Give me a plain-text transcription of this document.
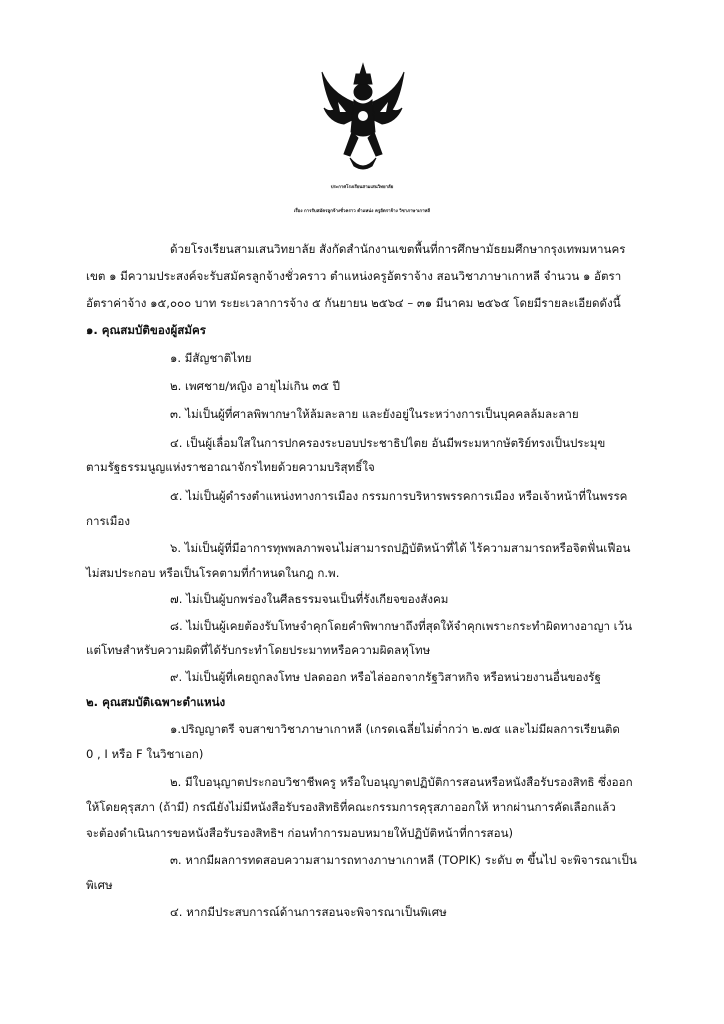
ประกาศโรงเรียนสามเสนวิทยาลัย
เรื่อง การรับสมัครลูกจ้างชั่วคราว ตำแหน่ง ครูอัตราจ้าง วิชาภาษาเกาหลี
ด้วยโรงเรียนสามเสนวิทยาลัย สังกัดสำนักงานเขตพื้นที่การศึกษามัธยมศึกษากรุงเทพมหานคร
เขต ๑ มีความประสงค์จะรับสมัครลูกจ้างชั่วคราว ตำแหน่งครูอัตราจ้าง สอนวิชาภาษาเกาหลี จำนวน ๑ อัตรา
อัตราค่าจ้าง ๑๕,๐๐๐ บาท ระยะเวลาการจ้าง ๕ กันยายน ๒๕๖๔ – ๓๑ มีนาคม ๒๕๖๕ โดยมีรายละเอียดดังนี้
๑. คุณสมบัติของผู้สมัคร
๑. มีสัญชาติไทย
๒. เพศชาย/หญิง อายุไม่เกิน ๓๕ ปี
๓. ไม่เป็นผู้ที่ศาลพิพากษาให้ล้มละลาย และยังอยู่ในระหว่างการเป็นบุคคลล้มละลาย
๔. เป็นผู้เลื่อมใสในการปกครองระบอบประชาธิปไตย อันมีพระมหากษัตริย์ทรงเป็นประมุข
ตามรัฐธรรมนูญแห่งราชอาณาจักรไทยด้วยความบริสุทธิ์ใจ
๕. ไม่เป็นผู้ดำรงตำแหน่งทางการเมือง กรรมการบริหารพรรคการเมือง หรือเจ้าหน้าที่ในพรรค
การเมือง
๖. ไม่เป็นผู้ที่มีอาการทุพพลภาพจนไม่สามารถปฏิบัติหน้าที่ได้ ไร้ความสามารถหรือจิตฟั่นเฟือน
ไม่สมประกอบ หรือเป็นโรคตามที่กำหนดในกฎ ก.พ.
๗. ไม่เป็นผู้บกพร่องในศีลธรรมจนเป็นที่รังเกียจของสังคม
๘. ไม่เป็นผู้เคยต้องรับโทษจำคุกโดยคำพิพากษาถึงที่สุดให้จำคุกเพราะกระทำผิดทางอาญา เว้น
แต่โทษสำหรับความผิดที่ได้รับกระทำโดยประมาทหรือความผิดลหุโทษ
๙. ไม่เป็นผู้ที่เคยถูกลงโทษ ปลดออก หรือไล่ออกจากรัฐวิสาหกิจ หรือหน่วยงานอื่นของรัฐ
๒. คุณสมบัติเฉพาะตำแหน่ง
๑.ปริญญาตรี จบสาขาวิชาภาษาเกาหลี (เกรดเฉลี่ยไม่ต่ำกว่า ๒.๗๕ และไม่มีผลการเรียนติด
0 , I หรือ F ในวิชาเอก)
๒. มีใบอนุญาตประกอบวิชาชีพครู หรือใบอนุญาตปฏิบัติการสอนหรือหนังสือรับรองสิทธิ ซึ่งออก
ให้โดยคุรุสภา (ถ้ามี) กรณียังไม่มีหนังสือรับรองสิทธิที่คณะกรรมการคุรุสภาออกให้ หากผ่านการคัดเลือกแล้ว
จะต้องดำเนินการขอหนังสือรับรองสิทธิฯ ก่อนทำการมอบหมายให้ปฏิบัติหน้าที่การสอน)
๓. หากมีผลการทดสอบความสามารถทางภาษาเกาหลี (TOPIK) ระดับ ๓ ขึ้นไป จะพิจารณาเป็น
พิเศษ
๔. หากมีประสบการณ์ด้านการสอนจะพิจารณาเป็นพิเศษ
